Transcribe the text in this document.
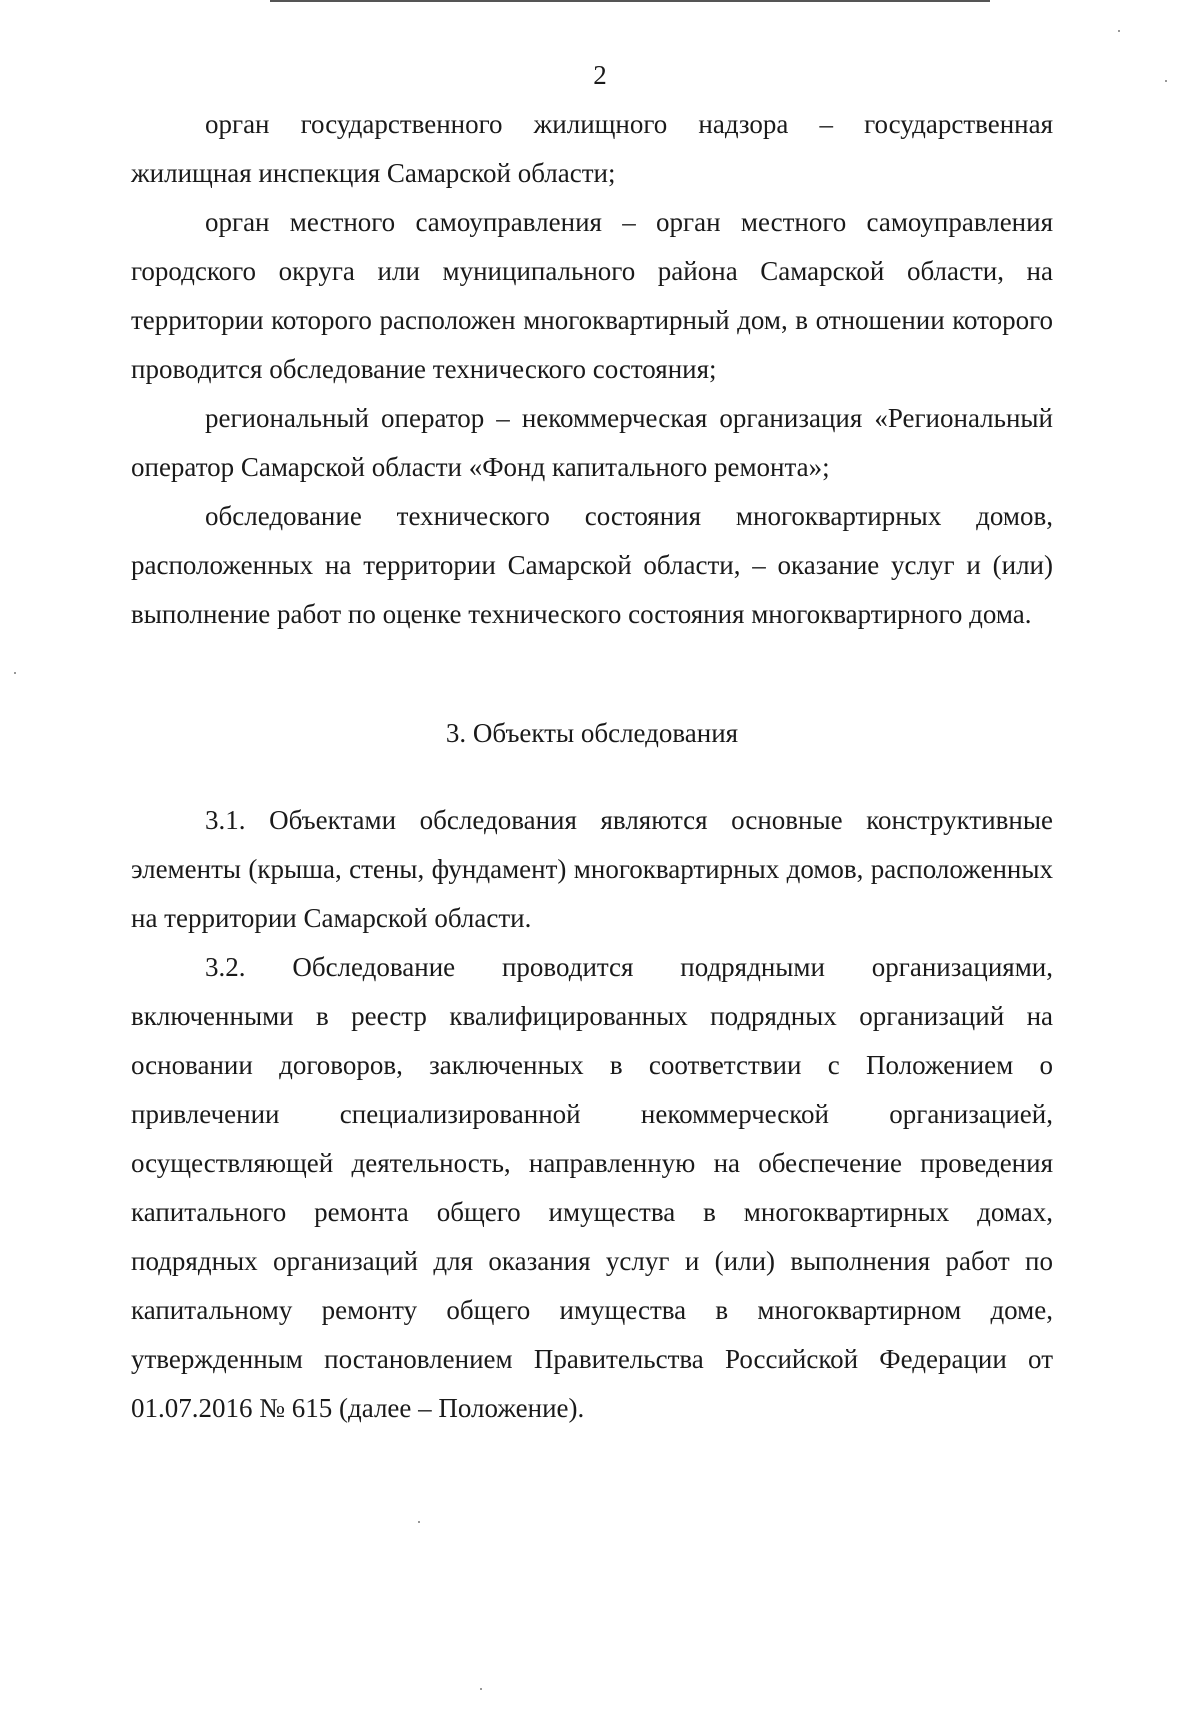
2

орган государственного жилищного надзора – государственная жилищная инспекция Самарской области;

орган местного самоуправления – орган местного самоуправления городского округа или муниципального района Самарской области, на территории которого расположен многоквартирный дом, в отношении которого проводится обследование технического состояния;

региональный оператор – некоммерческая организация «Региональный оператор Самарской области «Фонд капитального ремонта»;

обследование технического состояния многоквартирных домов, расположенных на территории Самарской области, – оказание услуг и (или) выполнение работ по оценке технического состояния многоквартирного дома.

3. Объекты обследования

3.1. Объектами обследования являются основные конструктивные элементы (крыша, стены, фундамент) многоквартирных домов, расположенных на территории Самарской области.

3.2. Обследование проводится подрядными организациями, включенными в реестр квалифицированных подрядных организаций на основании договоров, заключенных в соответствии с Положением о привлечении специализированной некоммерческой организацией, осуществляющей деятельность, направленную на обеспечение проведения капитального ремонта общего имущества в многоквартирных домах, подрядных организаций для оказания услуг и (или) выполнения работ по капитальному ремонту общего имущества в многоквартирном доме, утвержденным постановлением Правительства Российской Федерации от 01.07.2016 № 615 (далее – Положение).
